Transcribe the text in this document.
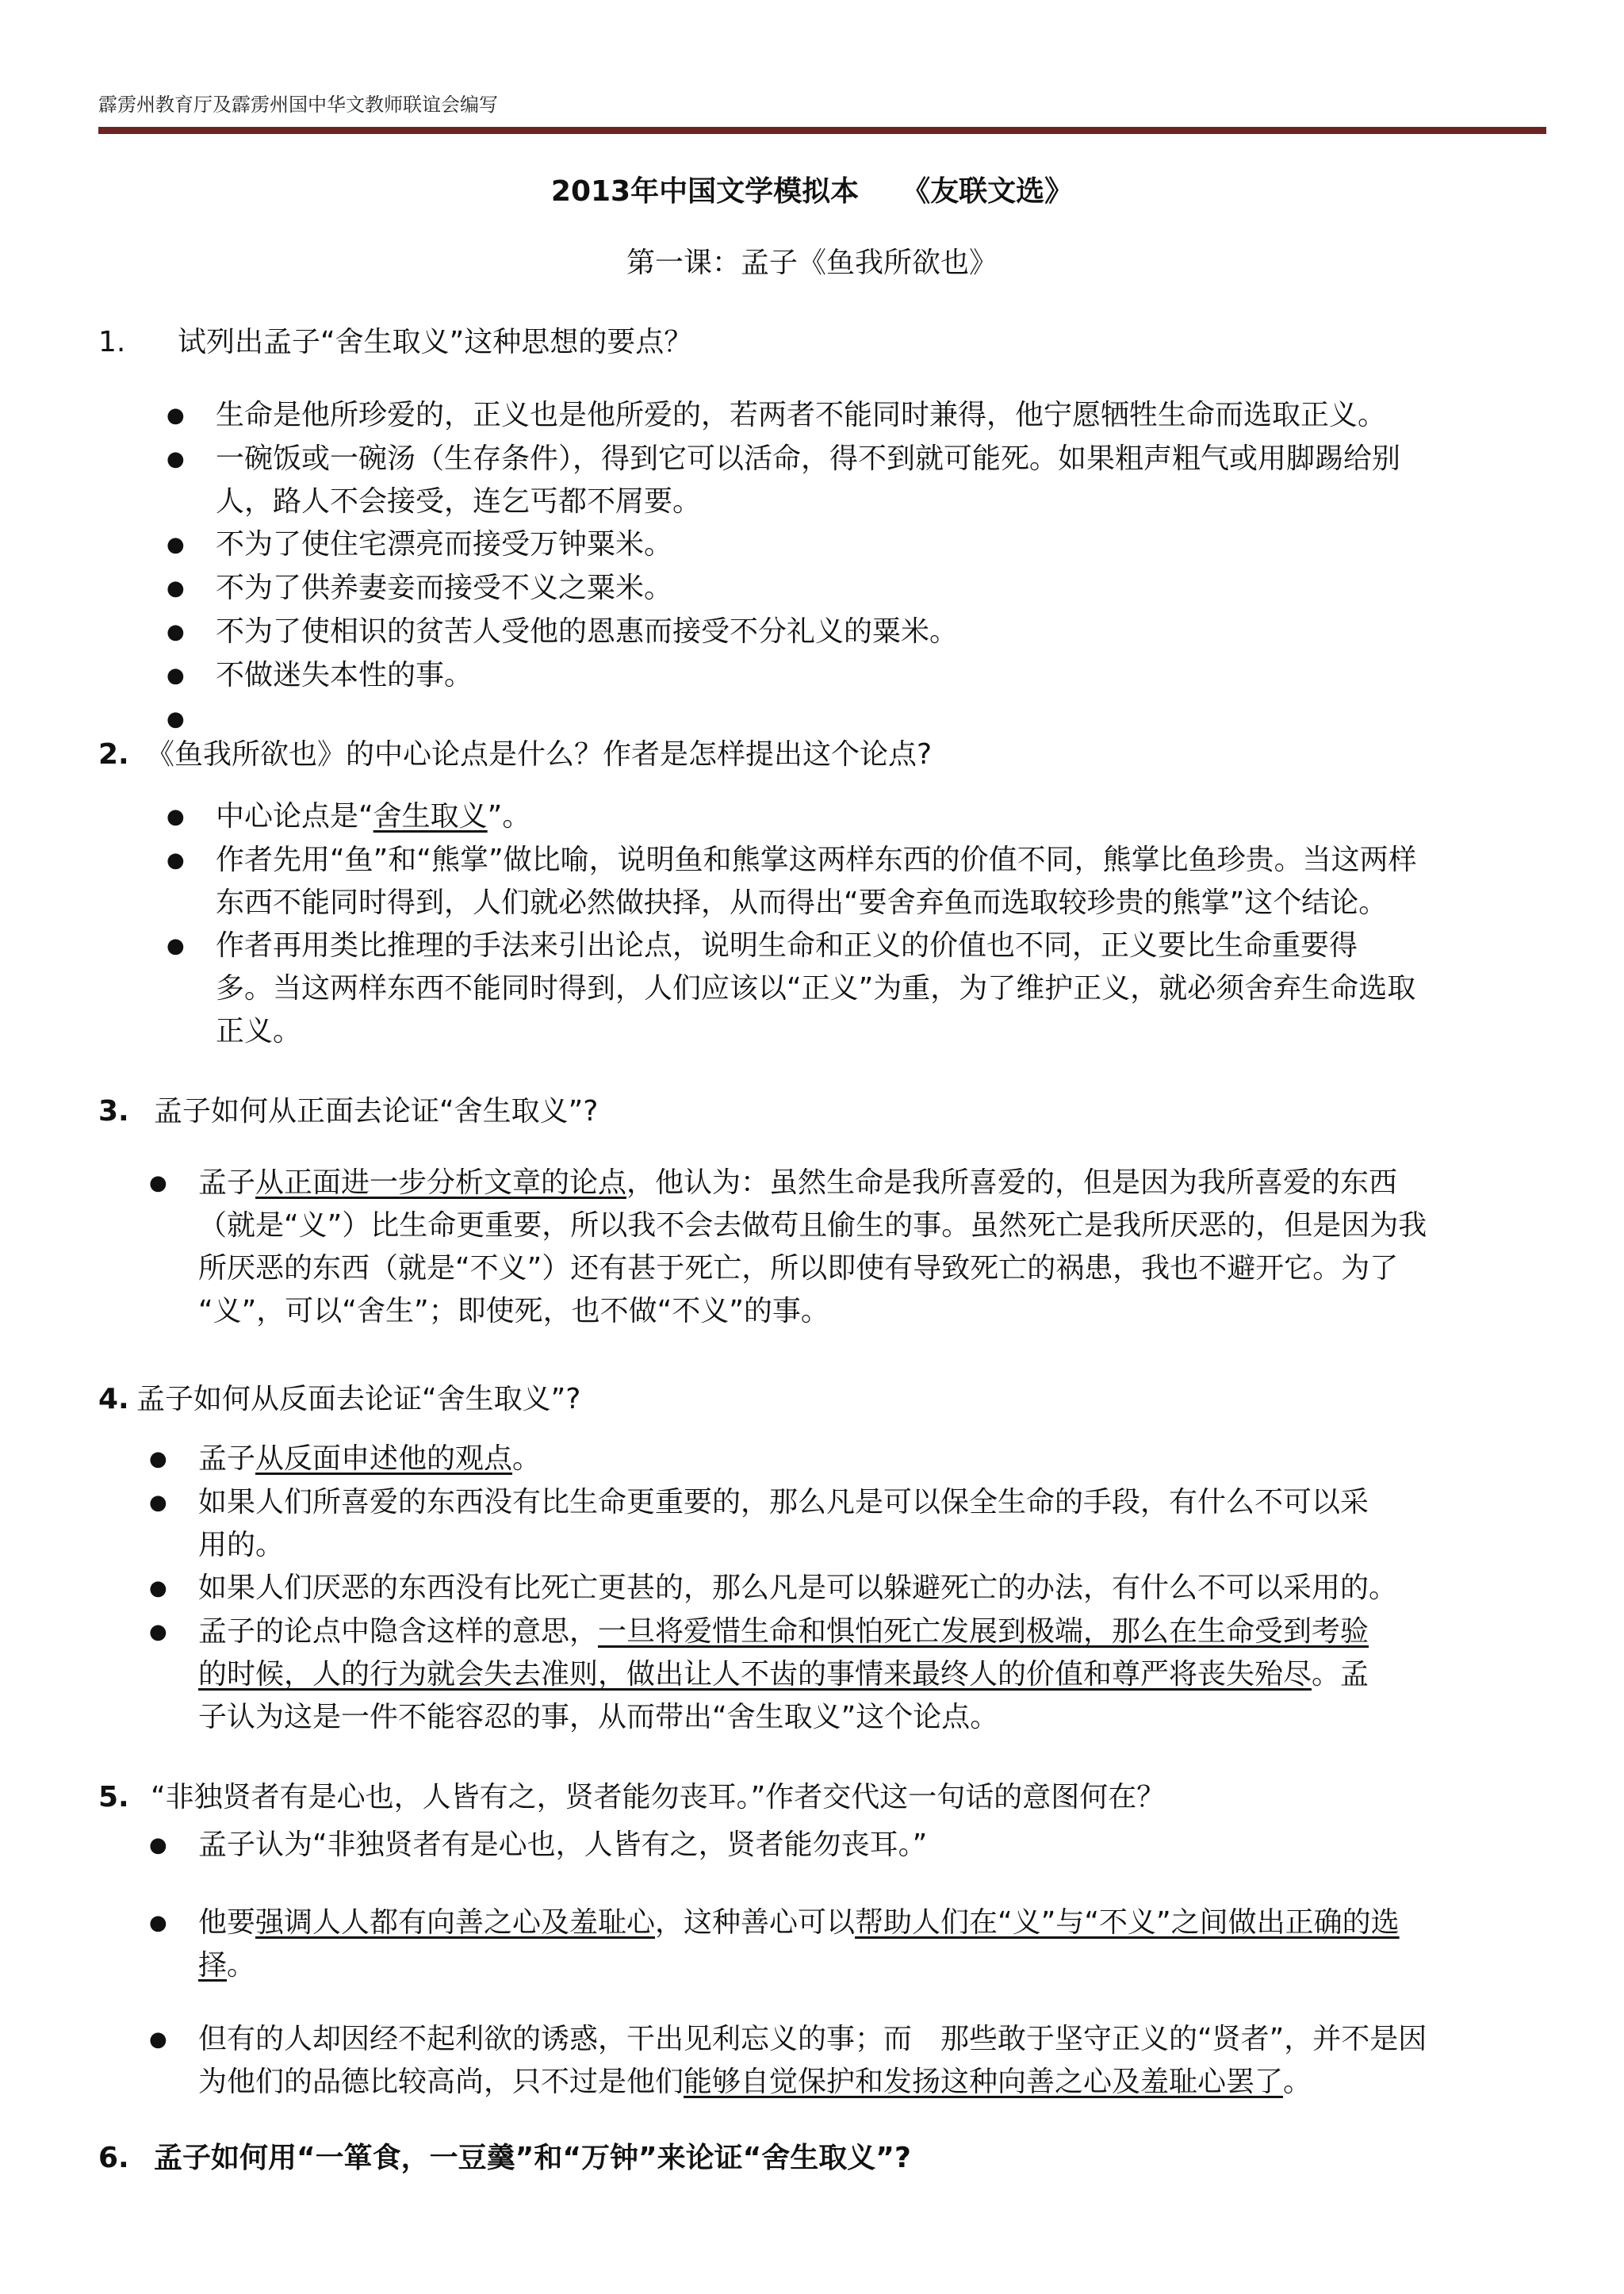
霹雳州教育厅及霹雳州国中华文教师联谊会编写
2013年中国文学模拟本　　《友联文选》
第一课：孟子《鱼我所欲也》
1. 试列出孟子“舍生取义”这种思想的要点？
● 生命是他所珍爱的，正义也是他所爱的，若两者不能同时兼得，他宁愿牺牲生命而选取正义。
● 一碗饭或一碗汤（生存条件），得到它可以活命，得不到就可能死。如果粗声粗气或用脚踢给别
人，路人不会接受，连乞丐都不屑要。
● 不为了使住宅漂亮而接受万钟粟米。
● 不为了供养妻妾而接受不义之粟米。
● 不为了使相识的贫苦人受他的恩惠而接受不分礼义的粟米。
● 不做迷失本性的事。
●
2. 《鱼我所欲也》的中心论点是什么？作者是怎样提出这个论点?
● 中心论点是“舍生取义”。
● 作者先用“鱼”和“熊掌”做比喻，说明鱼和熊掌这两样东西的价值不同，熊掌比鱼珍贵。当这两样
东西不能同时得到，人们就必然做抉择，从而得出“要舍弃鱼而选取较珍贵的熊掌”这个结论。
● 作者再用类比推理的手法来引出论点，说明生命和正义的价值也不同，正义要比生命重要得
多。当这两样东西不能同时得到，人们应该以“正义”为重，为了维护正义，就必须舍弃生命选取
正义。
3. 孟子如何从正面去论证“舍生取义”?
● 孟子从正面进一步分析文章的论点，他认为：虽然生命是我所喜爱的，但是因为我所喜爱的东西
（就是“义”）比生命更重要，所以我不会去做苟且偷生的事。虽然死亡是我所厌恶的，但是因为我
所厌恶的东西（就是“不义”）还有甚于死亡，所以即使有导致死亡的祸患，我也不避开它。为了
“义”，可以“舍生”；即使死，也不做“不义”的事。
4. 孟子如何从反面去论证“舍生取义”?
● 孟子从反面申述他的观点。
● 如果人们所喜爱的东西没有比生命更重要的，那么凡是可以保全生命的手段，有什么不可以采
用的。
● 如果人们厌恶的东西没有比死亡更甚的，那么凡是可以躲避死亡的办法，有什么不可以采用的。
● 孟子的论点中隐含这样的意思，一旦将爱惜生命和惧怕死亡发展到极端，那么在生命受到考验
的时候，人的行为就会失去准则，做出让人不齿的事情来最终人的价值和尊严将丧失殆尽。孟
子认为这是一件不能容忍的事，从而带出“舍生取义”这个论点。
5. “非独贤者有是心也，人皆有之，贤者能勿丧耳。”作者交代这一句话的意图何在？
● 孟子认为“非独贤者有是心也，人皆有之，贤者能勿丧耳。”
● 他要强调人人都有向善之心及羞耻心，这种善心可以帮助人们在“义”与“不义”之间做出正确的选
择。
● 但有的人却因经不起利欲的诱惑，干出见利忘义的事；而　那些敢于坚守正义的“贤者”，并不是因
为他们的品德比较高尚，只不过是他们能够自觉保护和发扬这种向善之心及羞耻心罢了。
6. 孟子如何用“一箪食，一豆羹”和“万钟”来论证“舍生取义”?
